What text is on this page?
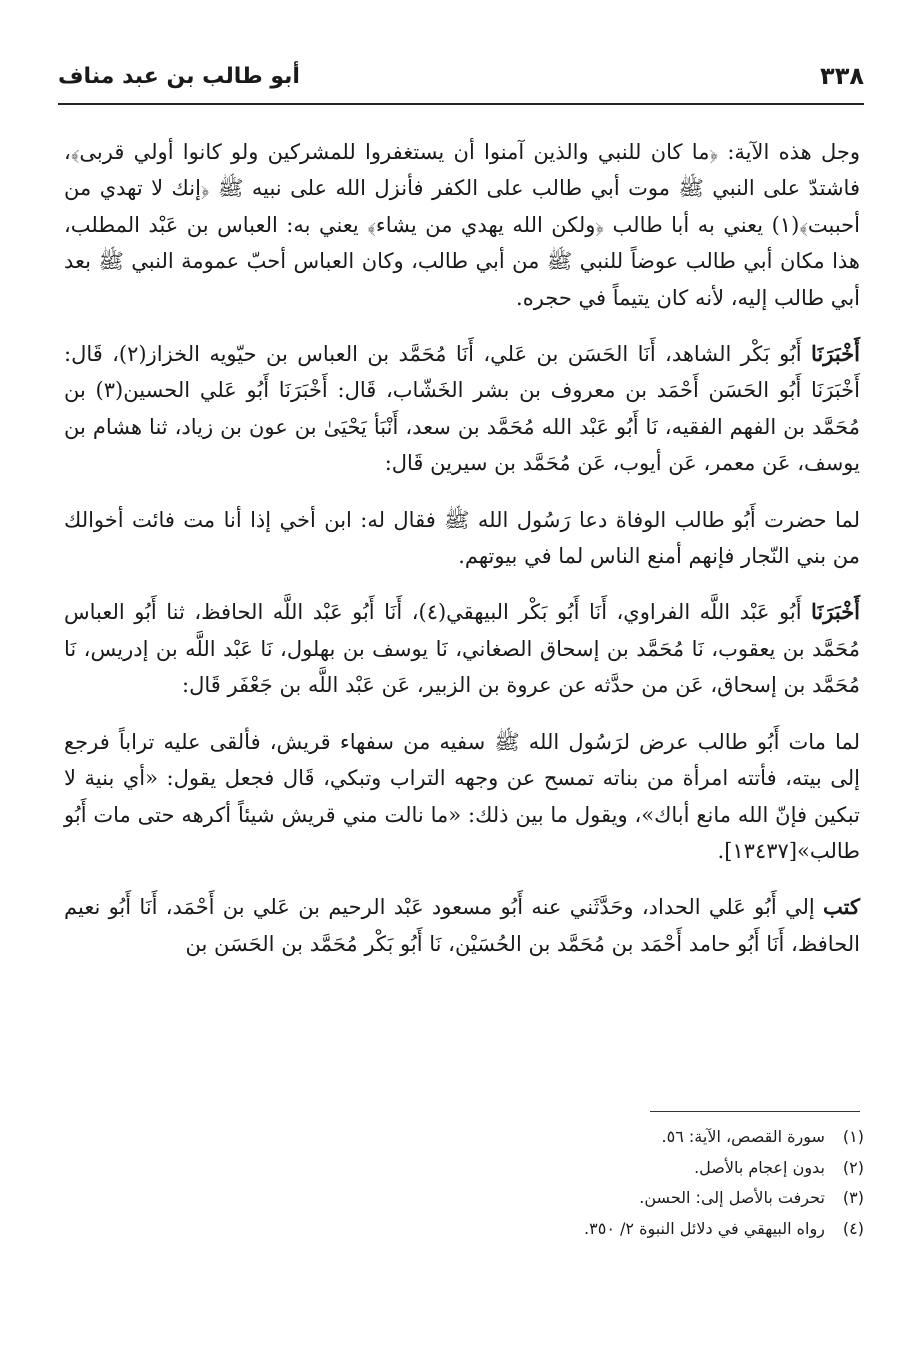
٣٣٨
أبو طالب بن عبد مناف

وجل هذه الآية: ﴿ما كان للنبي والذين آمنوا أن يستغفروا للمشركين ولو كانوا أولي قربى﴾، فاشتدّ على النبي ﷺ موت أبي طالب على الكفر فأنزل الله على نبيه ﷺ ﴿إنك لا تهدي من أحببت﴾(١) يعني به أبا طالب ﴿ولكن الله يهدي من يشاء﴾ يعني به: العباس بن عَبْد المطلب، هذا مكان أبي طالب عوضاً للنبي ﷺ من أبي طالب، وكان العباس أحبّ عمومة النبي ﷺ بعد أبي طالب إليه، لأنه كان يتيماً في حجره.

أَخْبَرَنَا أَبُو بَكْر الشاهد، أَنَا الحَسَن بن عَلي، أَنَا مُحَمَّد بن العباس بن حيّويه الخزاز(٢)، قَال: أَخْبَرَنَا أَبُو الحَسَن أَحْمَد بن معروف بن بشر الخَشّاب، قَال: أَخْبَرَنَا أَبُو عَلي الحسين(٣) بن مُحَمَّد بن الفهم الفقيه، نَا أَبُو عَبْد الله مُحَمَّد بن سعد، أَنْبَأ يَحْيَىٰ بن عون بن زياد، ثنا هشام بن يوسف، عَن معمر، عَن أيوب، عَن مُحَمَّد بن سيرين قَال:

لما حضرت أَبُو طالب الوفاة دعا رَسُول الله ﷺ فقال له: ابن أخي إذا أنا مت فائت أخوالك من بني النّجار فإنهم أمنع الناس لما في بيوتهم.

أَخْبَرَنَا أَبُو عَبْد اللَّه الفراوي، أَنَا أَبُو بَكْر البيهقي(٤)، أَنَا أَبُو عَبْد اللَّه الحافظ، ثنا أَبُو العباس مُحَمَّد بن يعقوب، نَا مُحَمَّد بن إسحاق الصغاني، نَا يوسف بن بهلول، نَا عَبْد اللَّه بن إدريس، نَا مُحَمَّد بن إسحاق، عَن من حدَّثه عن عروة بن الزبير، عَن عَبْد اللَّه بن جَعْفَر قَال:

لما مات أَبُو طالب عرض لرَسُول الله ﷺ سفيه من سفهاء قريش، فألقى عليه تراباً فرجع إلى بيته، فأتته امرأة من بناته تمسح عن وجهه التراب وتبكي، قَال فجعل يقول: «أي بنية لا تبكين فإنّ الله مانع أباك»، ويقول ما بين ذلك: «ما نالت مني قريش شيئاً أكرهه حتى مات أَبُو طالب»[١٣٤٣٧].

كتب إلي أَبُو عَلي الحداد، وحَدَّثَني عنه أَبُو مسعود عَبْد الرحيم بن عَلي بن أَحْمَد، أَنَا أَبُو نعيم الحافظ، أَنَا أَبُو حامد أَحْمَد بن مُحَمَّد بن الحُسَيْن، نَا أَبُو بَكْر مُحَمَّد بن الحَسَن بن

(١) سورة القصص، الآية: ٥٦.
(٢) بدون إعجام بالأصل.
(٣) تحرفت بالأصل إلى: الحسن.
(٤) رواه البيهقي في دلائل النبوة ٢/ ٣٥٠.
